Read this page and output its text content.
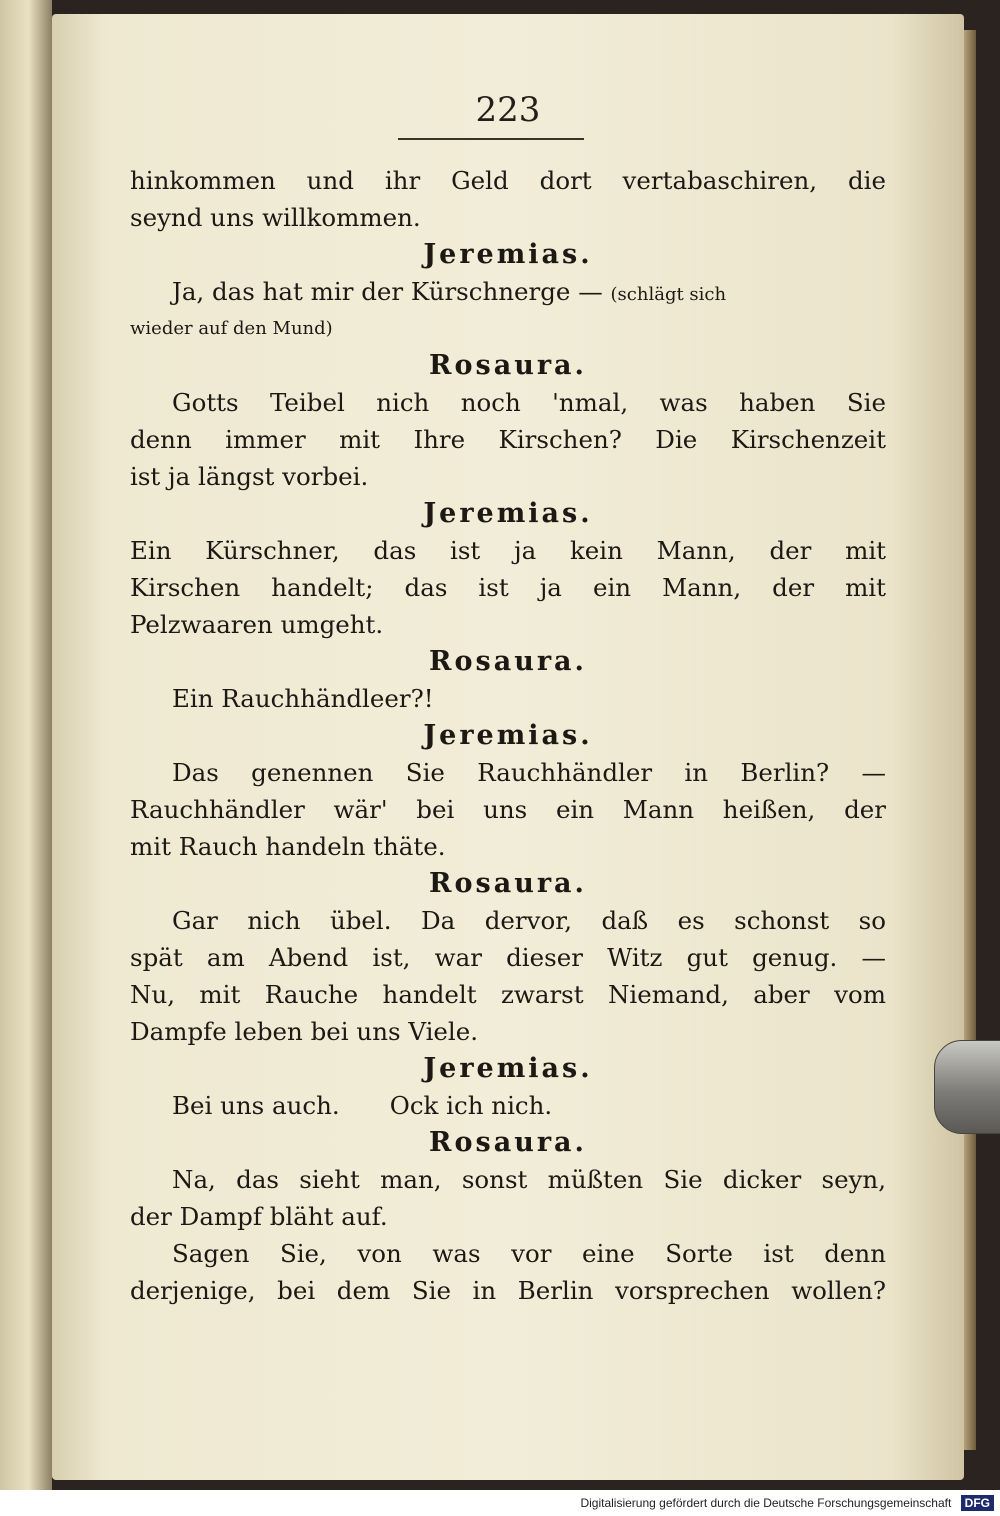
223
hinkommen und ihr Geld dort vertabaschiren, die
seynd uns willkommen.
Jeremias.
Ja, das hat mir der Kürschnerge — (schlägt sich
wieder auf den Mund)
Rosaura.
Gotts Teibel nich noch 'nmal, was haben Sie
denn immer mit Ihre Kirschen? Die Kirschenzeit
ist ja längst vorbei.
Jeremias.
Ein Kürschner, das ist ja kein Mann, der mit
Kirschen handelt; das ist ja ein Mann, der mit
Pelzwaaren umgeht.
Rosaura.
Ein Rauchhändleer?!
Jeremias.
Das genennen Sie Rauchhändler in Berlin? —
Rauchhändler wär' bei uns ein Mann heißen, der
mit Rauch handeln thäte.
Rosaura.
Gar nich übel. Da dervor, daß es schonst so
spät am Abend ist, war dieser Witz gut genug. —
Nu, mit Rauche handelt zwarst Niemand, aber vom
Dampfe leben bei uns Viele.
Jeremias.
Bei uns auch. Ock ich nich.
Rosaura.
Na, das sieht man, sonst müßten Sie dicker seyn,
der Dampf bläht auf.
Sagen Sie, von was vor eine Sorte ist denn
derjenige, bei dem Sie in Berlin vorsprechen wollen?
Digitalisierung gefördert durch die Deutsche Forschungsgemeinschaft DFG
